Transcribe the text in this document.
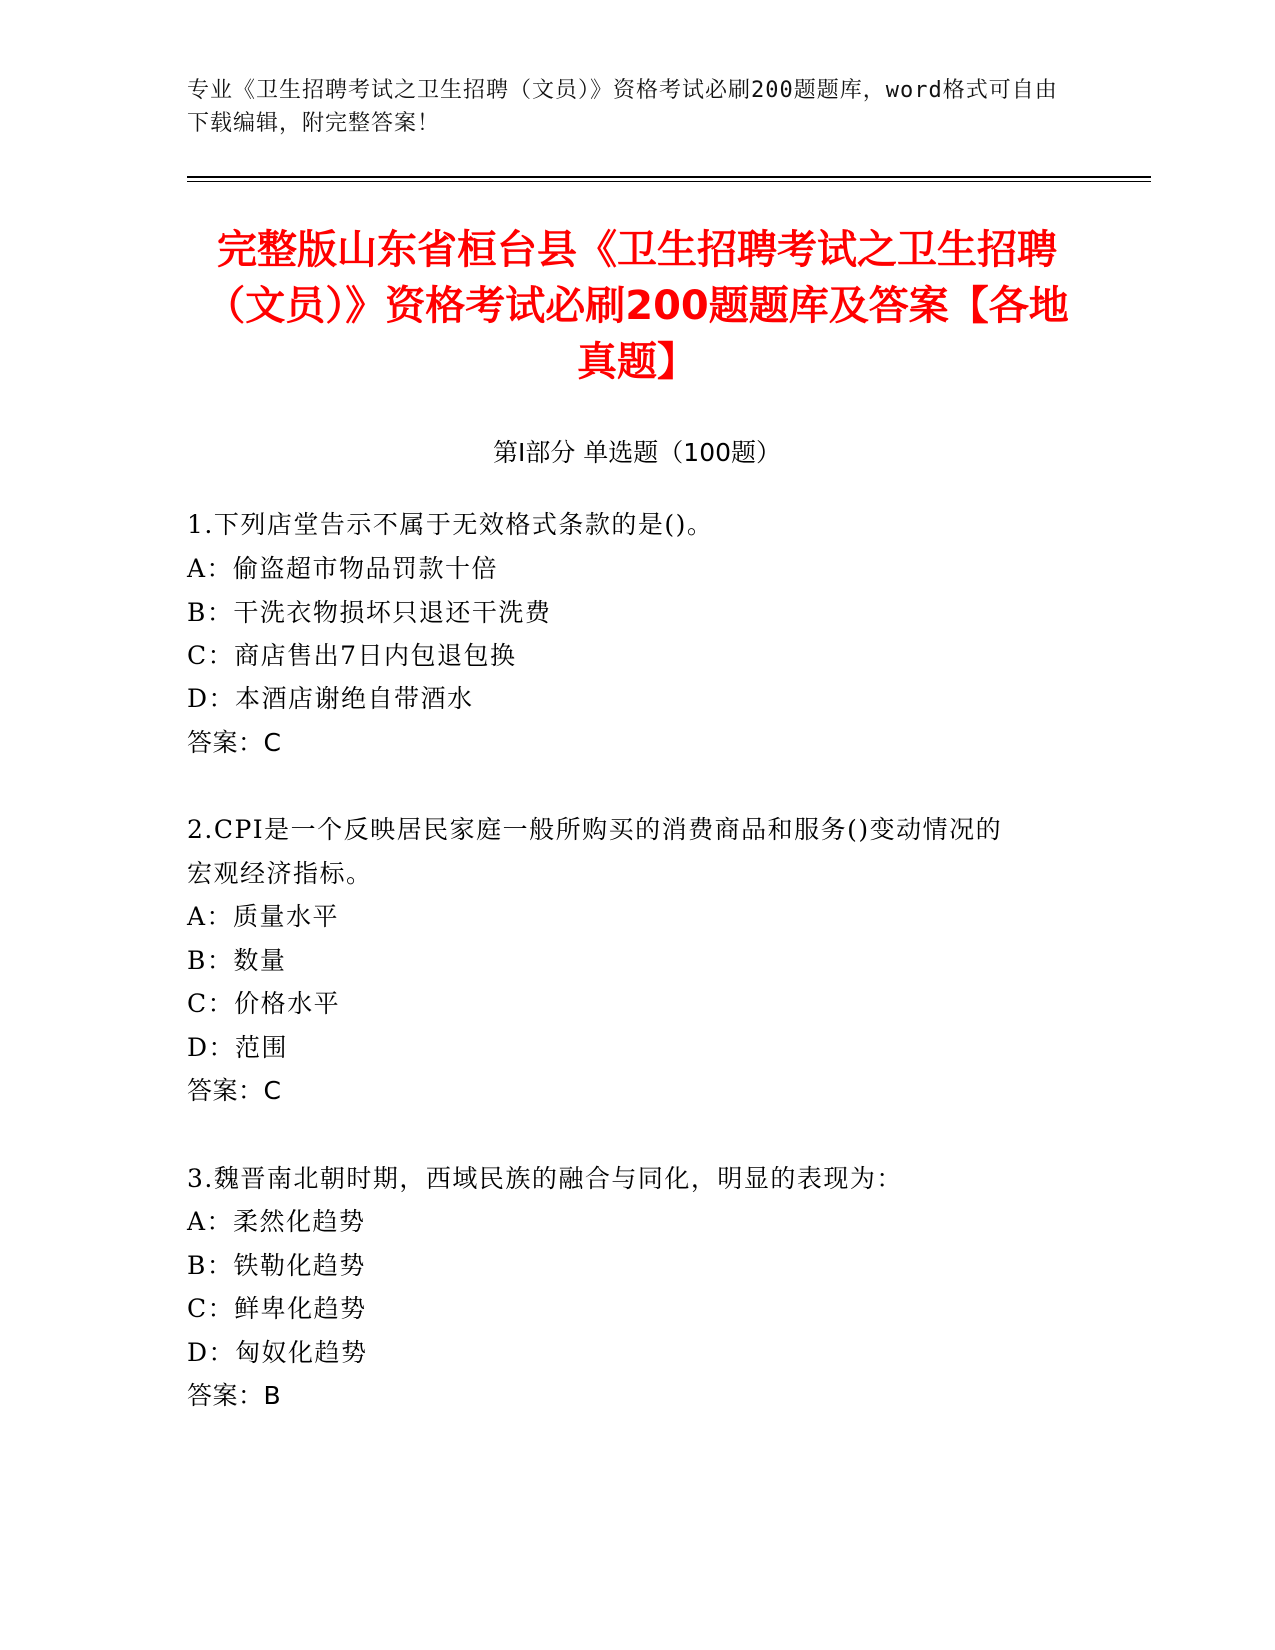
专业《卫生招聘考试之卫生招聘（文员）》资格考试必刷200题题库，word格式可自由下载编辑，附完整答案！
完整版山东省桓台县《卫生招聘考试之卫生招聘（文员）》资格考试必刷200题题库及答案【各地真题】
第Ⅰ部分 单选题（100题）
1.下列店堂告示不属于无效格式条款的是()。
A：偷盗超市物品罚款十倍
B：干洗衣物损坏只退还干洗费
C：商店售出7日内包退包换
D：本酒店谢绝自带酒水
答案：C
2.CPI是一个反映居民家庭一般所购买的消费商品和服务()变动情况的
宏观经济指标。
A：质量水平
B：数量
C：价格水平
D：范围
答案：C
3.魏晋南北朝时期，西域民族的融合与同化，明显的表现为：
A：柔然化趋势
B：铁勒化趋势
C：鲜卑化趋势
D：匈奴化趋势
答案：B
